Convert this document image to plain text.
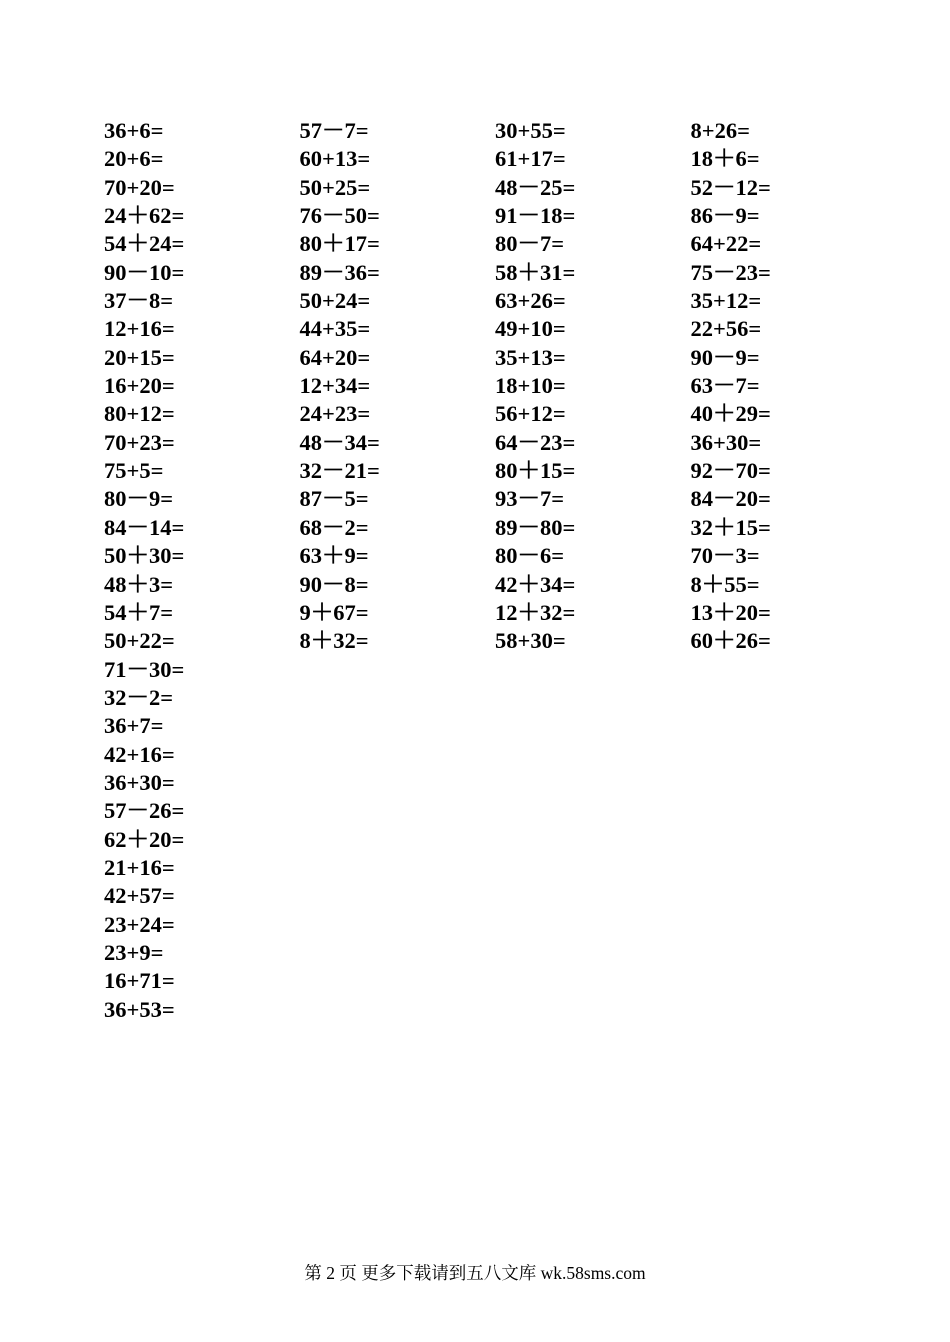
36+6=
20+6=
70+20=
24＋62=
54＋24=
90－10=
37－8=
12+16=
20+15=
16+20=
80+12=
70+23=
75+5=
80－9=
84－14=
50＋30=
48＋3=
54＋7=
50+22=
71－30=
32－2=
36+7=
42+16=
36+30=
57－26=
62＋20=
21+16=
42+57=
23+24=
23+9=
16+71=
36+53=
57－7=
60+13=
50+25=
76－50=
80＋17=
89－36=
50+24=
44+35=
64+20=
12+34=
24+23=
48－34=
32－21=
87－5=
68－2=
63＋9=
90－8=
9＋67=
8＋32=
30+55=
61+17=
48－25=
91－18=
80－7=
58＋31=
63+26=
49+10=
35+13=
18+10=
56+12=
64－23=
80＋15=
93－7=
89－80=
80－6=
42＋34=
12＋32=
58+30=
8+26=
18＋6=
52－12=
86－9=
64+22=
75－23=
35+12=
22+56=
90－9=
63－7=
40＋29=
36+30=
92－70=
84－20=
32＋15=
70－3=
8＋55=
13＋20=
60＋26=
第 2 页 更多下载请到五八文库 wk.58sms.com
